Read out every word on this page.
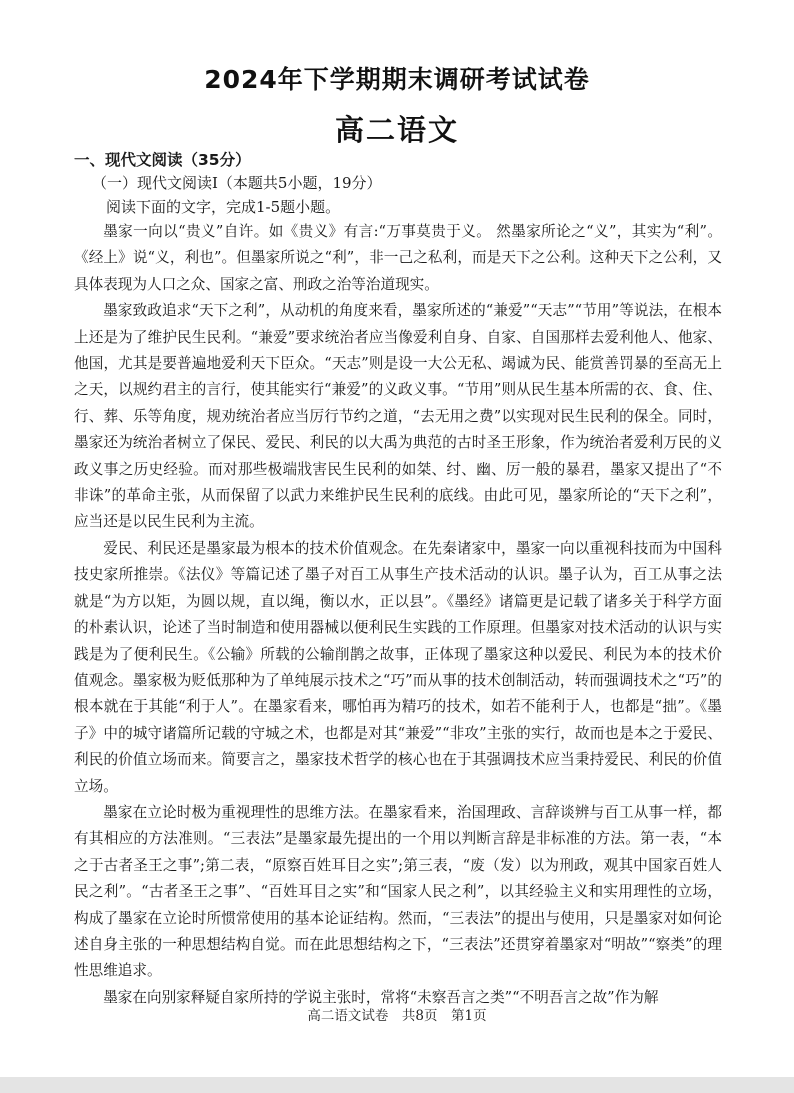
2024年下学期期末调研考试试卷
高二语文

一、现代文阅读（35分）

（一）现代文阅读Ⅰ（本题共5小题，19分）

阅读下面的文字，完成1-5题小题。

墨家一向以“贵义”自许。如《贵义》有言:“万事莫贵于义。 然墨家所论之“义”，其实为“利”。《经上》说“义，利也”。但墨家所说之“利”，非一己之私利，而是天下之公利。这种天下之公利，又具体表现为人口之众、国家之富、刑政之治等治道现实。

墨家致政追求“天下之利”，从动机的角度来看，墨家所述的“兼爱”“天志”“节用”等说法，在根本上还是为了维护民生民利。“兼爱”要求统治者应当像爱利自身、自家、自国那样去爱利他人、他家、他国，尤其是要普遍地爱利天下臣众。“天志”则是设一大公无私、竭诚为民、能赏善罚暴的至高无上之天，以规约君主的言行，使其能实行“兼爱”的义政义事。“节用”则从民生基本所需的衣、食、住、行、葬、乐等角度，规劝统治者应当厉行节约之道，“去无用之费”以实现对民生民利的保全。同时，墨家还为统治者树立了保民、爱民、利民的以大禹为典范的古时圣王形象，作为统治者爱利万民的义政义事之历史经验。而对那些极端戕害民生民利的如桀、纣、幽、厉一般的暴君，墨家又提出了“不非诛”的革命主张，从而保留了以武力来维护民生民利的底线。由此可见，墨家所论的“天下之利”，应当还是以民生民利为主流。

爱民、利民还是墨家最为根本的技术价值观念。在先秦诸家中，墨家一向以重视科技而为中国科技史家所推崇。《法仪》等篇记述了墨子对百工从事生产技术活动的认识。墨子认为，百工从事之法就是“为方以矩，为圆以规，直以绳，衡以水，正以县”。《墨经》诸篇更是记载了诸多关于科学方面的朴素认识，论述了当时制造和使用器械以便利民生实践的工作原理。但墨家对技术活动的认识与实践是为了便利民生。《公输》所载的公输削鹊之故事，正体现了墨家这种以爱民、利民为本的技术价值观念。墨家极为贬低那种为了单纯展示技术之“巧”而从事的技术创制活动，转而强调技术之“巧”的根本就在于其能“利于人”。在墨家看来，哪怕再为精巧的技术，如若不能利于人，也都是“拙”。《墨子》中的城守诸篇所记载的守城之术，也都是对其“兼爱”“非攻”主张的实行，故而也是本之于爱民、利民的价值立场而来。简要言之，墨家技术哲学的核心也在于其强调技术应当秉持爱民、利民的价值立场。

墨家在立论时极为重视理性的思维方法。在墨家看来，治国理政、言辞谈辨与百工从事一样，都有其相应的方法准则。“三表法”是墨家最先提出的一个用以判断言辞是非标准的方法。第一表，“本之于古者圣王之事”;第二表，“原察百姓耳目之实”;第三表，“废（发）以为刑政，观其中国家百姓人民之利”。“古者圣王之事”、“百姓耳目之实”和“国家人民之利”，以其经验主义和实用理性的立场，构成了墨家在立论时所惯常使用的基本论证结构。然而，“三表法”的提出与使用，只是墨家对如何论述自身主张的一种思想结构自觉。而在此思想结构之下，“三表法”还贯穿着墨家对“明故”“察类”的理性思维追求。

墨家在向别家释疑自家所持的学说主张时，常将“未察吾言之类”“不明吾言之故”作为解

高二语文试卷　共8页　第1页
